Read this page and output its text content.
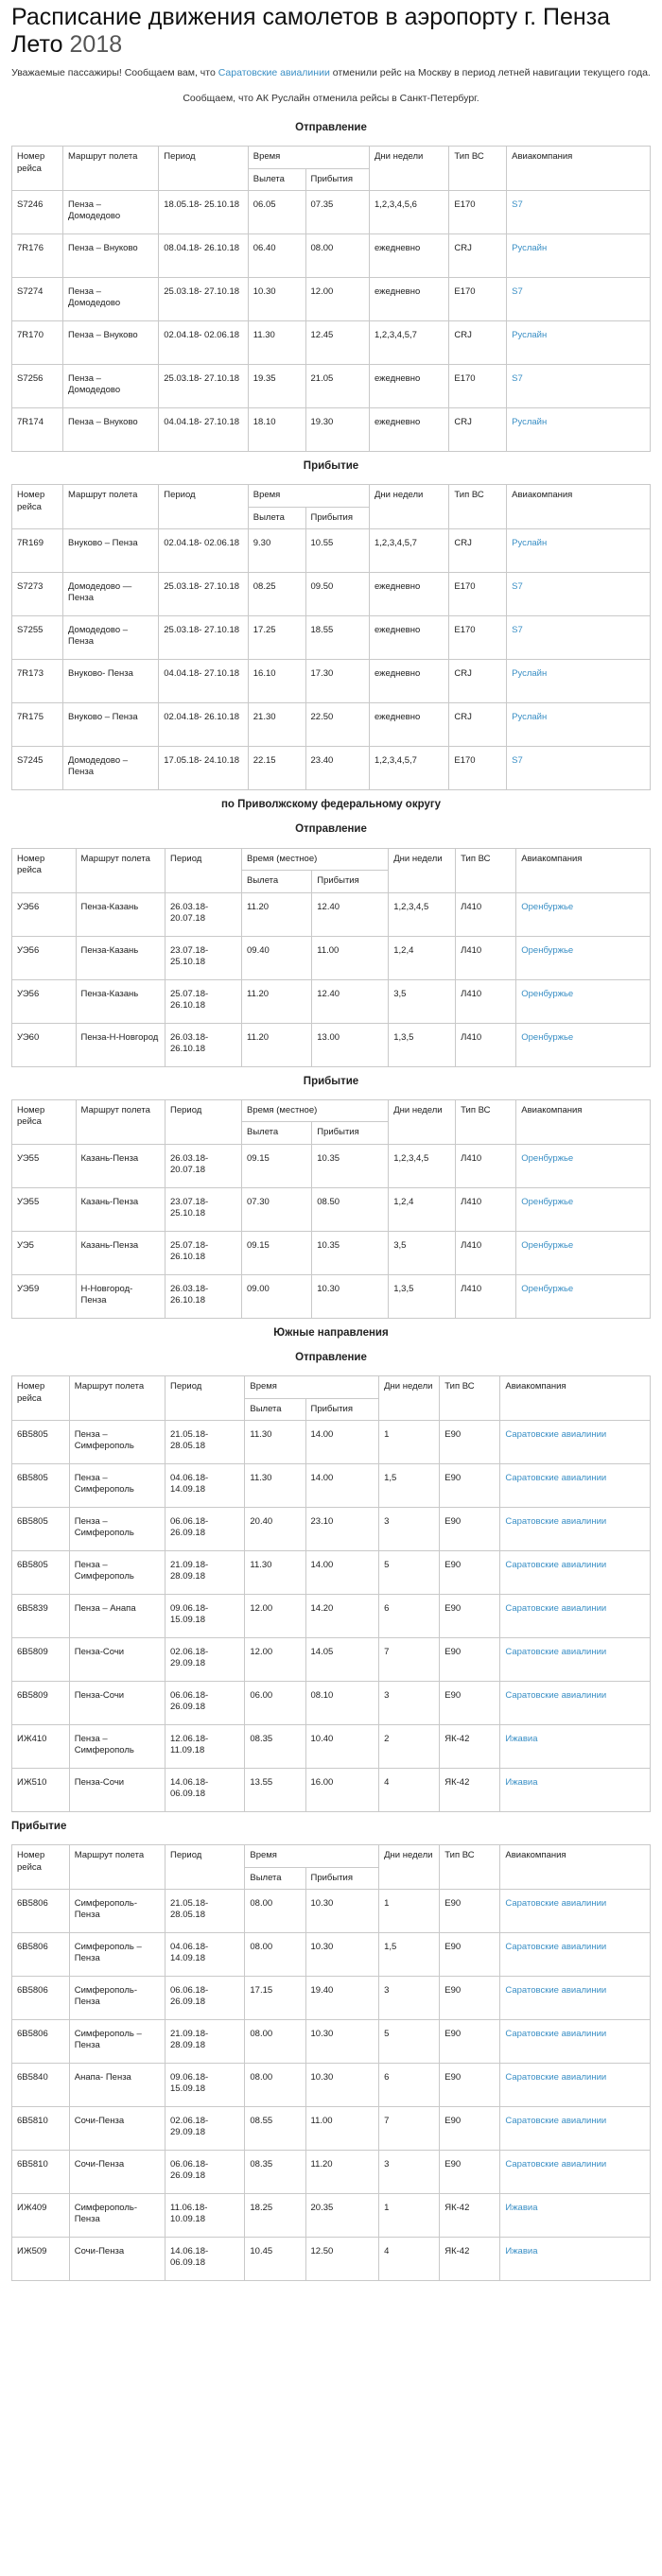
Расписание движения самолетов в аэропорту г. Пенза Лето 2018

Уважаемые пассажиры! Сообщаем вам, что Саратовские авиалинии отменили рейс на Москву в период летней навигации текущего года.

Сообщаем, что АК Руслайн отменила рейсы в Санкт-Петербург.

Отправление
Номер рейса	Маршрут полета	Период	Время		Дни недели	Тип ВС	Авиакомпания
			Вылета	Прибытия			
S7246	Пенза – Домодедово	18.05.18- 25.10.18	06.05	07.35	1,2,3,4,5,6	E170	S7
7R176	Пенза – Внуково	08.04.18- 26.10.18	06.40	08.00	ежедневно	CRJ	Руслайн
S7274	Пенза – Домодедово	25.03.18- 27.10.18	10.30	12.00	ежедневно	E170	S7
7R170	Пенза – Внуково	02.04.18- 02.06.18	11.30	12.45	1,2,3,4,5,7	CRJ	Руслайн
S7256	Пенза – Домодедово	25.03.18- 27.10.18	19.35	21.05	ежедневно	E170	S7
7R174	Пенза – Внуково	04.04.18- 27.10.18	18.10	19.30	ежедневно	CRJ	Руслайн
Прибытие
Номер рейса	Маршрут полета	Период	Время		Дни недели	Тип ВС	Авиакомпания
			Вылета	Прибытия			
7R169	Внуково – Пенза	02.04.18- 02.06.18	9.30	10.55	1,2,3,4,5,7	CRJ	Руслайн
S7273	Домодедово — Пенза	25.03.18- 27.10.18	08.25	09.50	ежедневно	E170	S7
S7255	Домодедово – Пенза	25.03.18- 27.10.18	17.25	18.55	ежедневно	E170	S7
7R173	Внуково- Пенза	04.04.18- 27.10.18	16.10	17.30	ежедневно	CRJ	Руслайн
7R175	Внуково – Пенза	02.04.18- 26.10.18	21.30	22.50	ежедневно	CRJ	Руслайн
S7245	Домодедово – Пенза	17.05.18- 24.10.18	22.15	23.40	1,2,3,4,5,7	E170	S7
по Приволжскому федеральному округу
Отправление
Номер рейса	Маршрут полета	Период	Время (местное)		Дни недели	Тип ВС	Авиакомпания
			Вылета	Прибытия			
УЭ56	Пенза-Казань	26.03.18- 20.07.18	11.20	12.40	1,2,3,4,5	Л410	Оренбуржье
УЭ56	Пенза-Казань	23.07.18- 25.10.18	09.40	11.00	1,2,4	Л410	Оренбуржье
УЭ56	Пенза-Казань	25.07.18- 26.10.18	11.20	12.40	3,5	Л410	Оренбуржье
УЭ60	Пенза-Н-Новгород	26.03.18- 26.10.18	11.20	13.00	1,3,5	Л410	Оренбуржье
Прибытие
Номер рейса	Маршрут полета	Период	Время (местное)		Дни недели	Тип ВС	Авиакомпания
			Вылета	Прибытия			
УЭ55	Казань-Пенза	26.03.18- 20.07.18	09.15	10.35	1,2,3,4,5	Л410	Оренбуржье
УЭ55	Казань-Пенза	23.07.18- 25.10.18	07.30	08.50	1,2,4	Л410	Оренбуржье
УЭ5	Казань-Пенза	25.07.18- 26.10.18	09.15	10.35	3,5	Л410	Оренбуржье
УЭ59	Н-Новгород- Пенза	26.03.18- 26.10.18	09.00	10.30	1,3,5	Л410	Оренбуржье
Южные направления
Отправление
Номер рейса	Маршрут полета	Период	Время		Дни недели	Тип ВС	Авиакомпания
			Вылета	Прибытия			
6В5805	Пенза – Симферополь	21.05.18- 28.05.18	11.30	14.00	1	Е90	Саратовские авиалинии
6В5805	Пенза – Симферополь	04.06.18- 14.09.18	11.30	14.00	1,5	Е90	Саратовские авиалинии
6В5805	Пенза – Симферополь	06.06.18- 26.09.18	20.40	23.10	3	Е90	Саратовские авиалинии
6В5805	Пенза – Симферополь	21.09.18- 28.09.18	11.30	14.00	5	Е90	Саратовские авиалинии
6В5839	Пенза – Анапа	09.06.18- 15.09.18	12.00	14.20	6	Е90	Саратовские авиалинии
6В5809	Пенза-Сочи	02.06.18- 29.09.18	12.00	14.05	7	Е90	Саратовские авиалинии
6В5809	Пенза-Сочи	06.06.18- 26.09.18	06.00	08.10	3	Е90	Саратовские авиалинии
ИЖ410	Пенза – Симферополь	12.06.18- 11.09.18	08.35	10.40	2	ЯК-42	Ижавиа
ИЖ510	Пенза-Сочи	14.06.18- 06.09.18	13.55	16.00	4	ЯК-42	Ижавиа
Прибытие
Номер рейса	Маршрут полета	Период	Время		Дни недели	Тип ВС	Авиакомпания
			Вылета	Прибытия			
6В5806	Симферополь- Пенза	21.05.18- 28.05.18	08.00	10.30	1	Е90	Саратовские авиалинии
6В5806	Симферополь – Пенза	04.06.18- 14.09.18	08.00	10.30	1,5	Е90	Саратовские авиалинии
6В5806	Симферополь- Пенза	06.06.18- 26.09.18	17.15	19.40	3	Е90	Саратовские авиалинии
6В5806	Симферополь – Пенза	21.09.18- 28.09.18	08.00	10.30	5	Е90	Саратовские авиалинии
6В5840	Анапа- Пенза	09.06.18- 15.09.18	08.00	10.30	6	Е90	Саратовские авиалинии
6В5810	Сочи-Пенза	02.06.18- 29.09.18	08.55	11.00	7	Е90	Саратовские авиалинии
6В5810	Сочи-Пенза	06.06.18- 26.09.18	08.35	11.20	3	Е90	Саратовские авиалинии
ИЖ409	Симферополь- Пенза	11.06.18- 10.09.18	18.25	20.35	1	ЯК-42	Ижавиа
ИЖ509	Сочи-Пенза	14.06.18- 06.09.18	10.45	12.50	4	ЯК-42	Ижавиа
